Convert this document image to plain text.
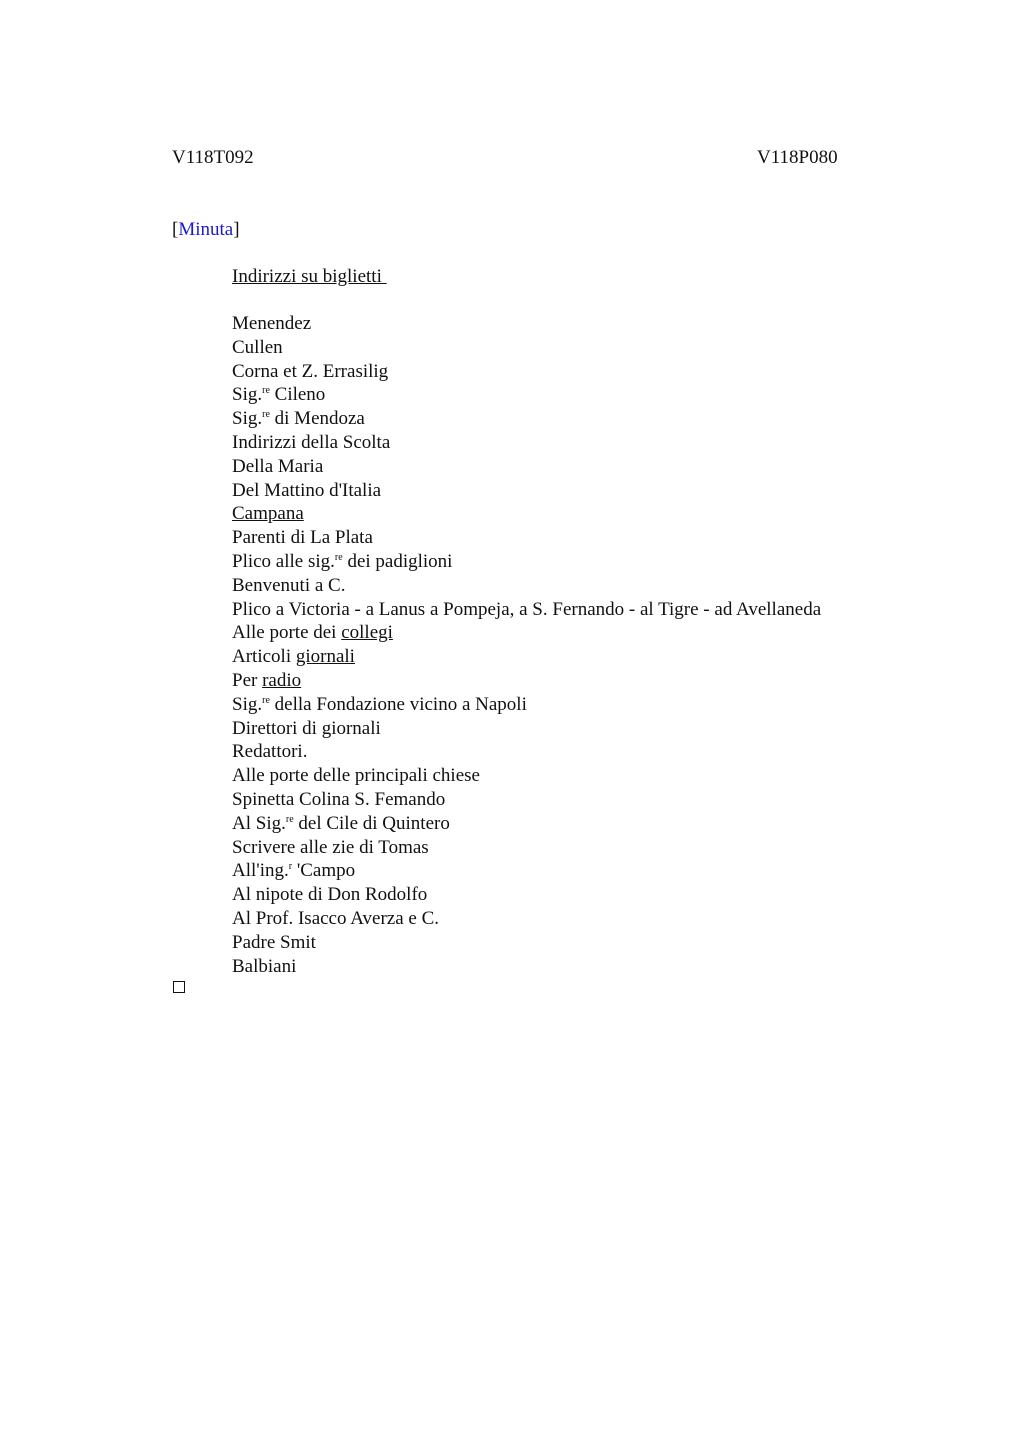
V118T092	V118P080
[Minuta]
Indirizzi su biglietti
Menendez
Cullen
Corna et Z. Errasilig
Sig.$^{re}$ Cileno
Sig.$^{re}$ di Mendoza
Indirizzi della Scolta
Della Maria
Del Mattino d'Italia
Campana
Parenti di La Plata
Plico alle sig.$^{re}$ dei padiglioni
Benvenuti a C.
Plico a Victoria - a Lanus a Pompeja, a S. Fernando - al Tigre - ad Avellaneda
Alle porte dei collegi
Articoli giornali
Per radio
Sig.$^{re}$ della Fondazione vicino a Napoli
Direttori di giornali
Redattori.
Alle porte delle principali chiese
Spinetta Colina S. Femando
Al Sig.$^{re}$ del Cile di Quintero
Scrivere alle zie di Tomas
All'ing.$^r$ 'Campo
Al nipote di Don Rodolfo
Al Prof. Isacco Averza e C.
Padre Smit
Balbiani
